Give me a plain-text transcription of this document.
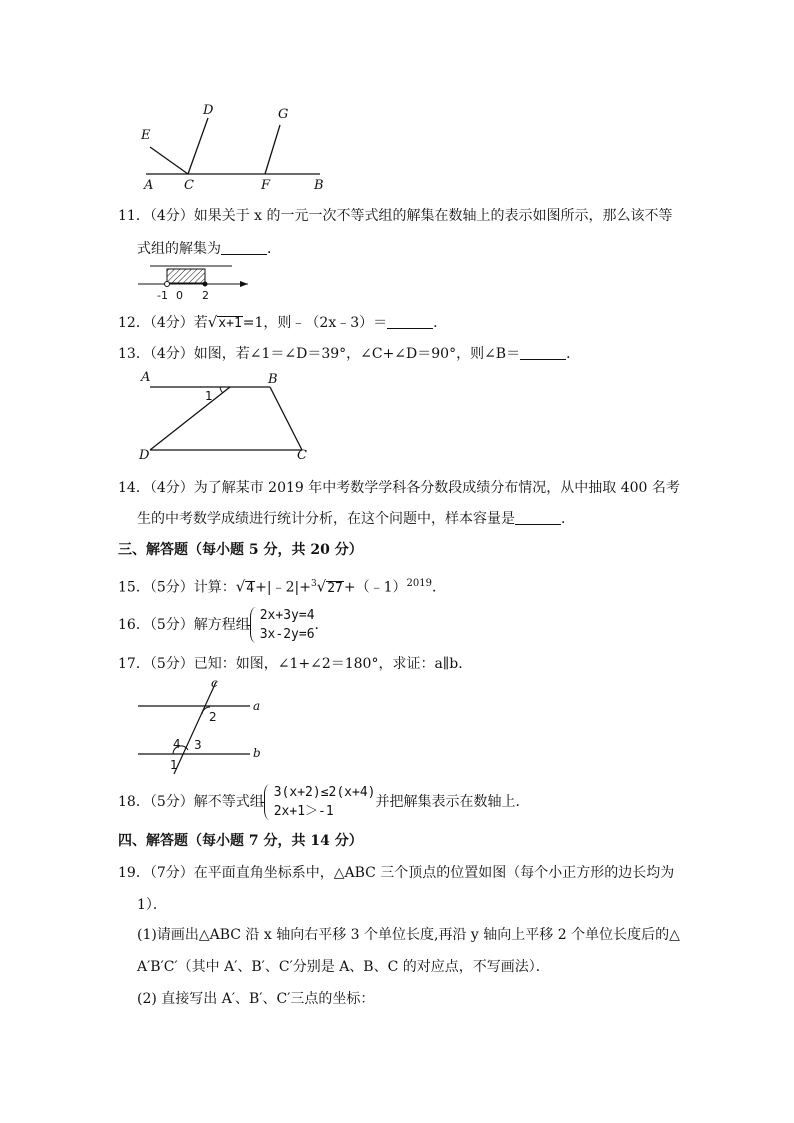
E
D	G
A C	F	B
11．（4分）如果关于 x 的一元一次不等式组的解集在数轴上的表示如图所示，那么该不等
式组的解集为	．
-1 0 2
12．（4分）若√x+1=1，则﹣（2x﹣3）＝	．
13．（4分）如图，若∠1＝∠D＝39°，∠C+∠D＝90°，则∠B＝	．
A	B
C
D
1
14．（4分）为了解某市 2019 年中考数学学科各分数段成绩分布情况，从中抽取 400 名考
生的中考数学成绩进行统计分析，在这个问题中，样本容量是	．
三、解答题（每小题 5 分，共 20 分）
15．（5分）计算：√4+|﹣2|+$^3$√27+（﹣1）$^{2019}$．
16．（5分）解方程组2x+3y=4
3x-2y=6．
17．（5分）已知：如图，∠1+∠2＝180°，求证：a∥b．
c
a
b
2
4 3
1
18．（5分）解不等式组3(x+2)≤2(x+4)
2x+1＞-1并把解集表示在数轴上．
四、解答题（每小题 7 分，共 14 分）
19．（7分）在平面直角坐标系中，△ABC 三个顶点的位置如图（每个小正方形的边长均为
1）．
(1)请画出△ABC 沿 x 轴向右平移 3 个单位长度,再沿 y 轴向上平移 2 个单位长度后的△
A′B′C′（其中 A′、B′、C′分别是 A、B、C 的对应点，不写画法）．
(2) 直接写出 A′、B′、C′三点的坐标：
